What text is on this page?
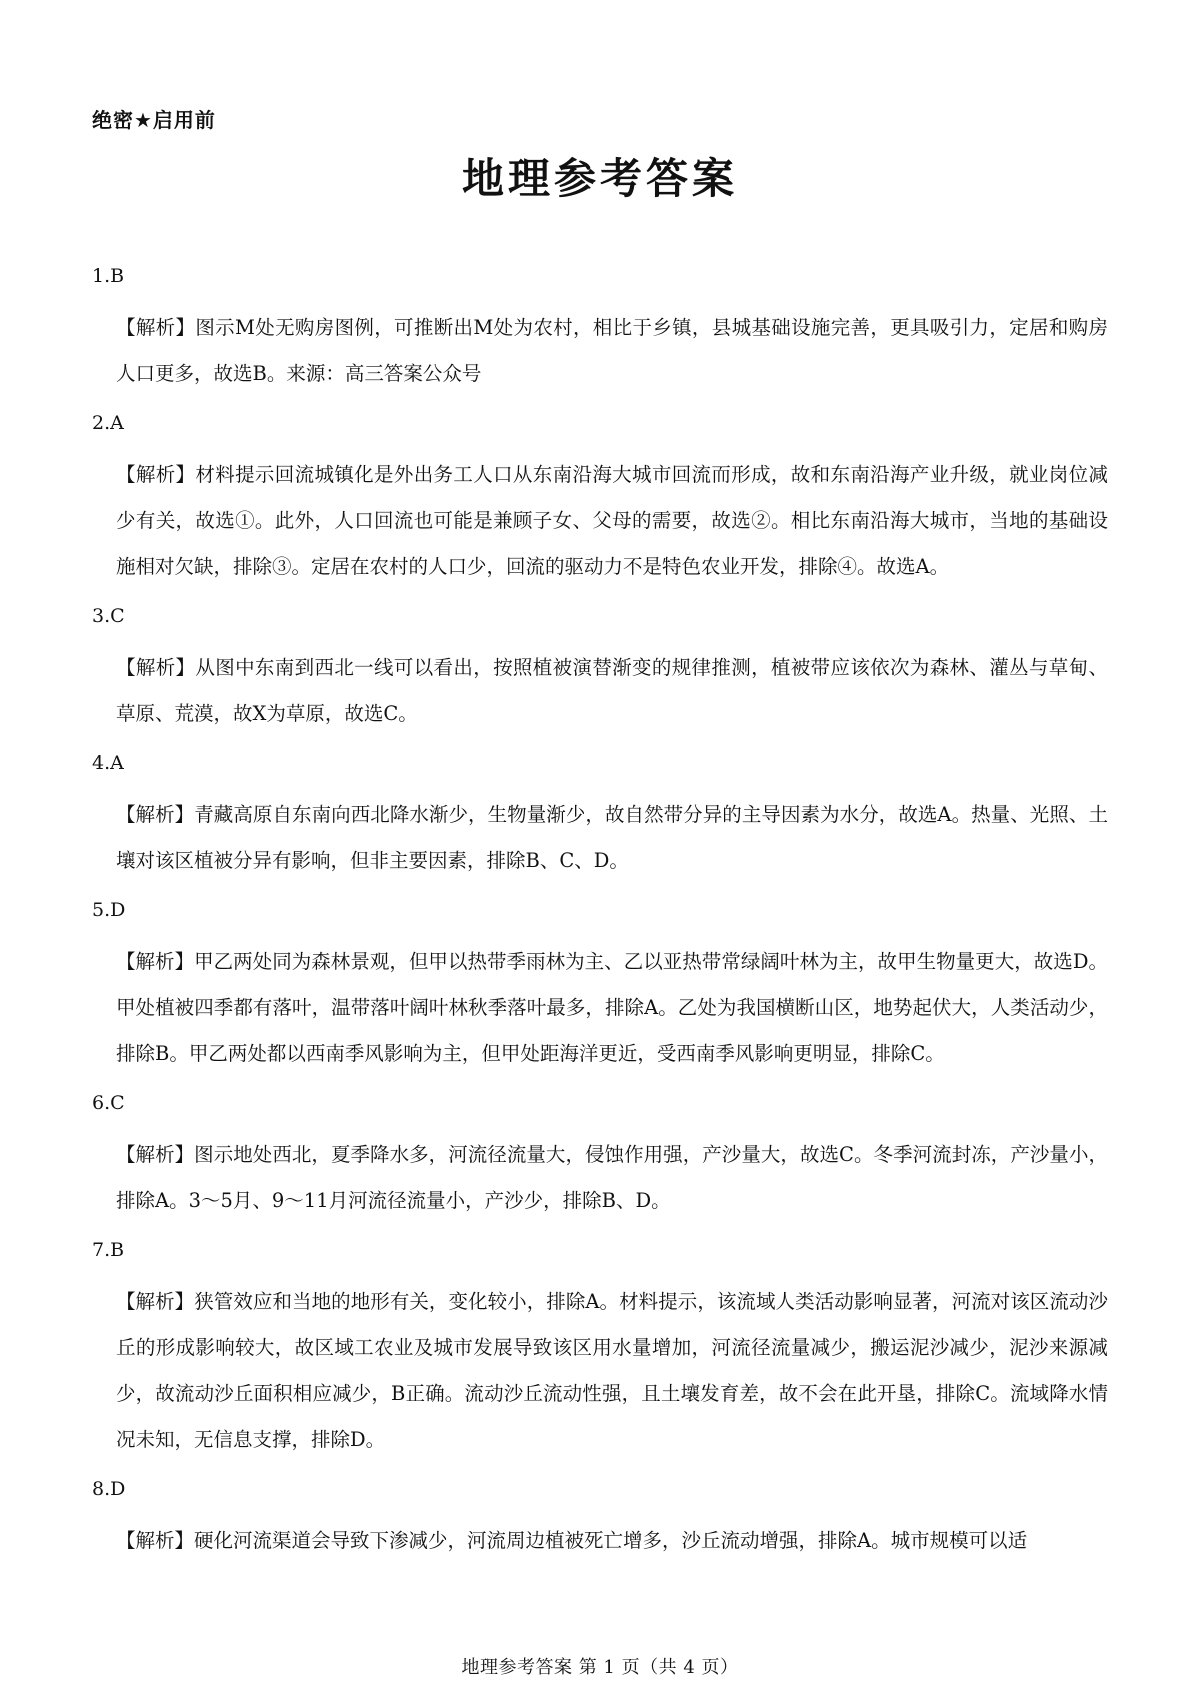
绝密★启用前
地理参考答案
1.B
【解析】图示M处无购房图例，可推断出M处为农村，相比于乡镇，县城基础设施完善，更具吸引力，定居和购房人口更多，故选B。来源：高三答案公众号
2.A
【解析】材料提示回流城镇化是外出务工人口从东南沿海大城市回流而形成，故和东南沿海产业升级，就业岗位减少有关，故选①。此外，人口回流也可能是兼顾子女、父母的需要，故选②。相比东南沿海大城市，当地的基础设施相对欠缺，排除③。定居在农村的人口少，回流的驱动力不是特色农业开发，排除④。故选A。
3.C
【解析】从图中东南到西北一线可以看出，按照植被演替渐变的规律推测，植被带应该依次为森林、灌丛与草甸、草原、荒漠，故X为草原，故选C。
4.A
【解析】青藏高原自东南向西北降水渐少，生物量渐少，故自然带分异的主导因素为水分，故选A。热量、光照、土壤对该区植被分异有影响，但非主要因素，排除B、C、D。
5.D
【解析】甲乙两处同为森林景观，但甲以热带季雨林为主、乙以亚热带常绿阔叶林为主，故甲生物量更大，故选D。甲处植被四季都有落叶，温带落叶阔叶林秋季落叶最多，排除A。乙处为我国横断山区，地势起伏大，人类活动少，排除B。甲乙两处都以西南季风影响为主，但甲处距海洋更近，受西南季风影响更明显，排除C。
6.C
【解析】图示地处西北，夏季降水多，河流径流量大，侵蚀作用强，产沙量大，故选C。冬季河流封冻，产沙量小，排除A。3～5月、9～11月河流径流量小，产沙少，排除B、D。
7.B
【解析】狭管效应和当地的地形有关，变化较小，排除A。材料提示，该流域人类活动影响显著，河流对该区流动沙丘的形成影响较大，故区域工农业及城市发展导致该区用水量增加，河流径流量减少，搬运泥沙减少，泥沙来源减少，故流动沙丘面积相应减少，B正确。流动沙丘流动性强，且土壤发育差，故不会在此开垦，排除C。流域降水情况未知，无信息支撑，排除D。
8.D
【解析】硬化河流渠道会导致下渗减少，河流周边植被死亡增多，沙丘流动增强，排除A。城市规模可以适
地理参考答案 第 1 页（共 4 页）
